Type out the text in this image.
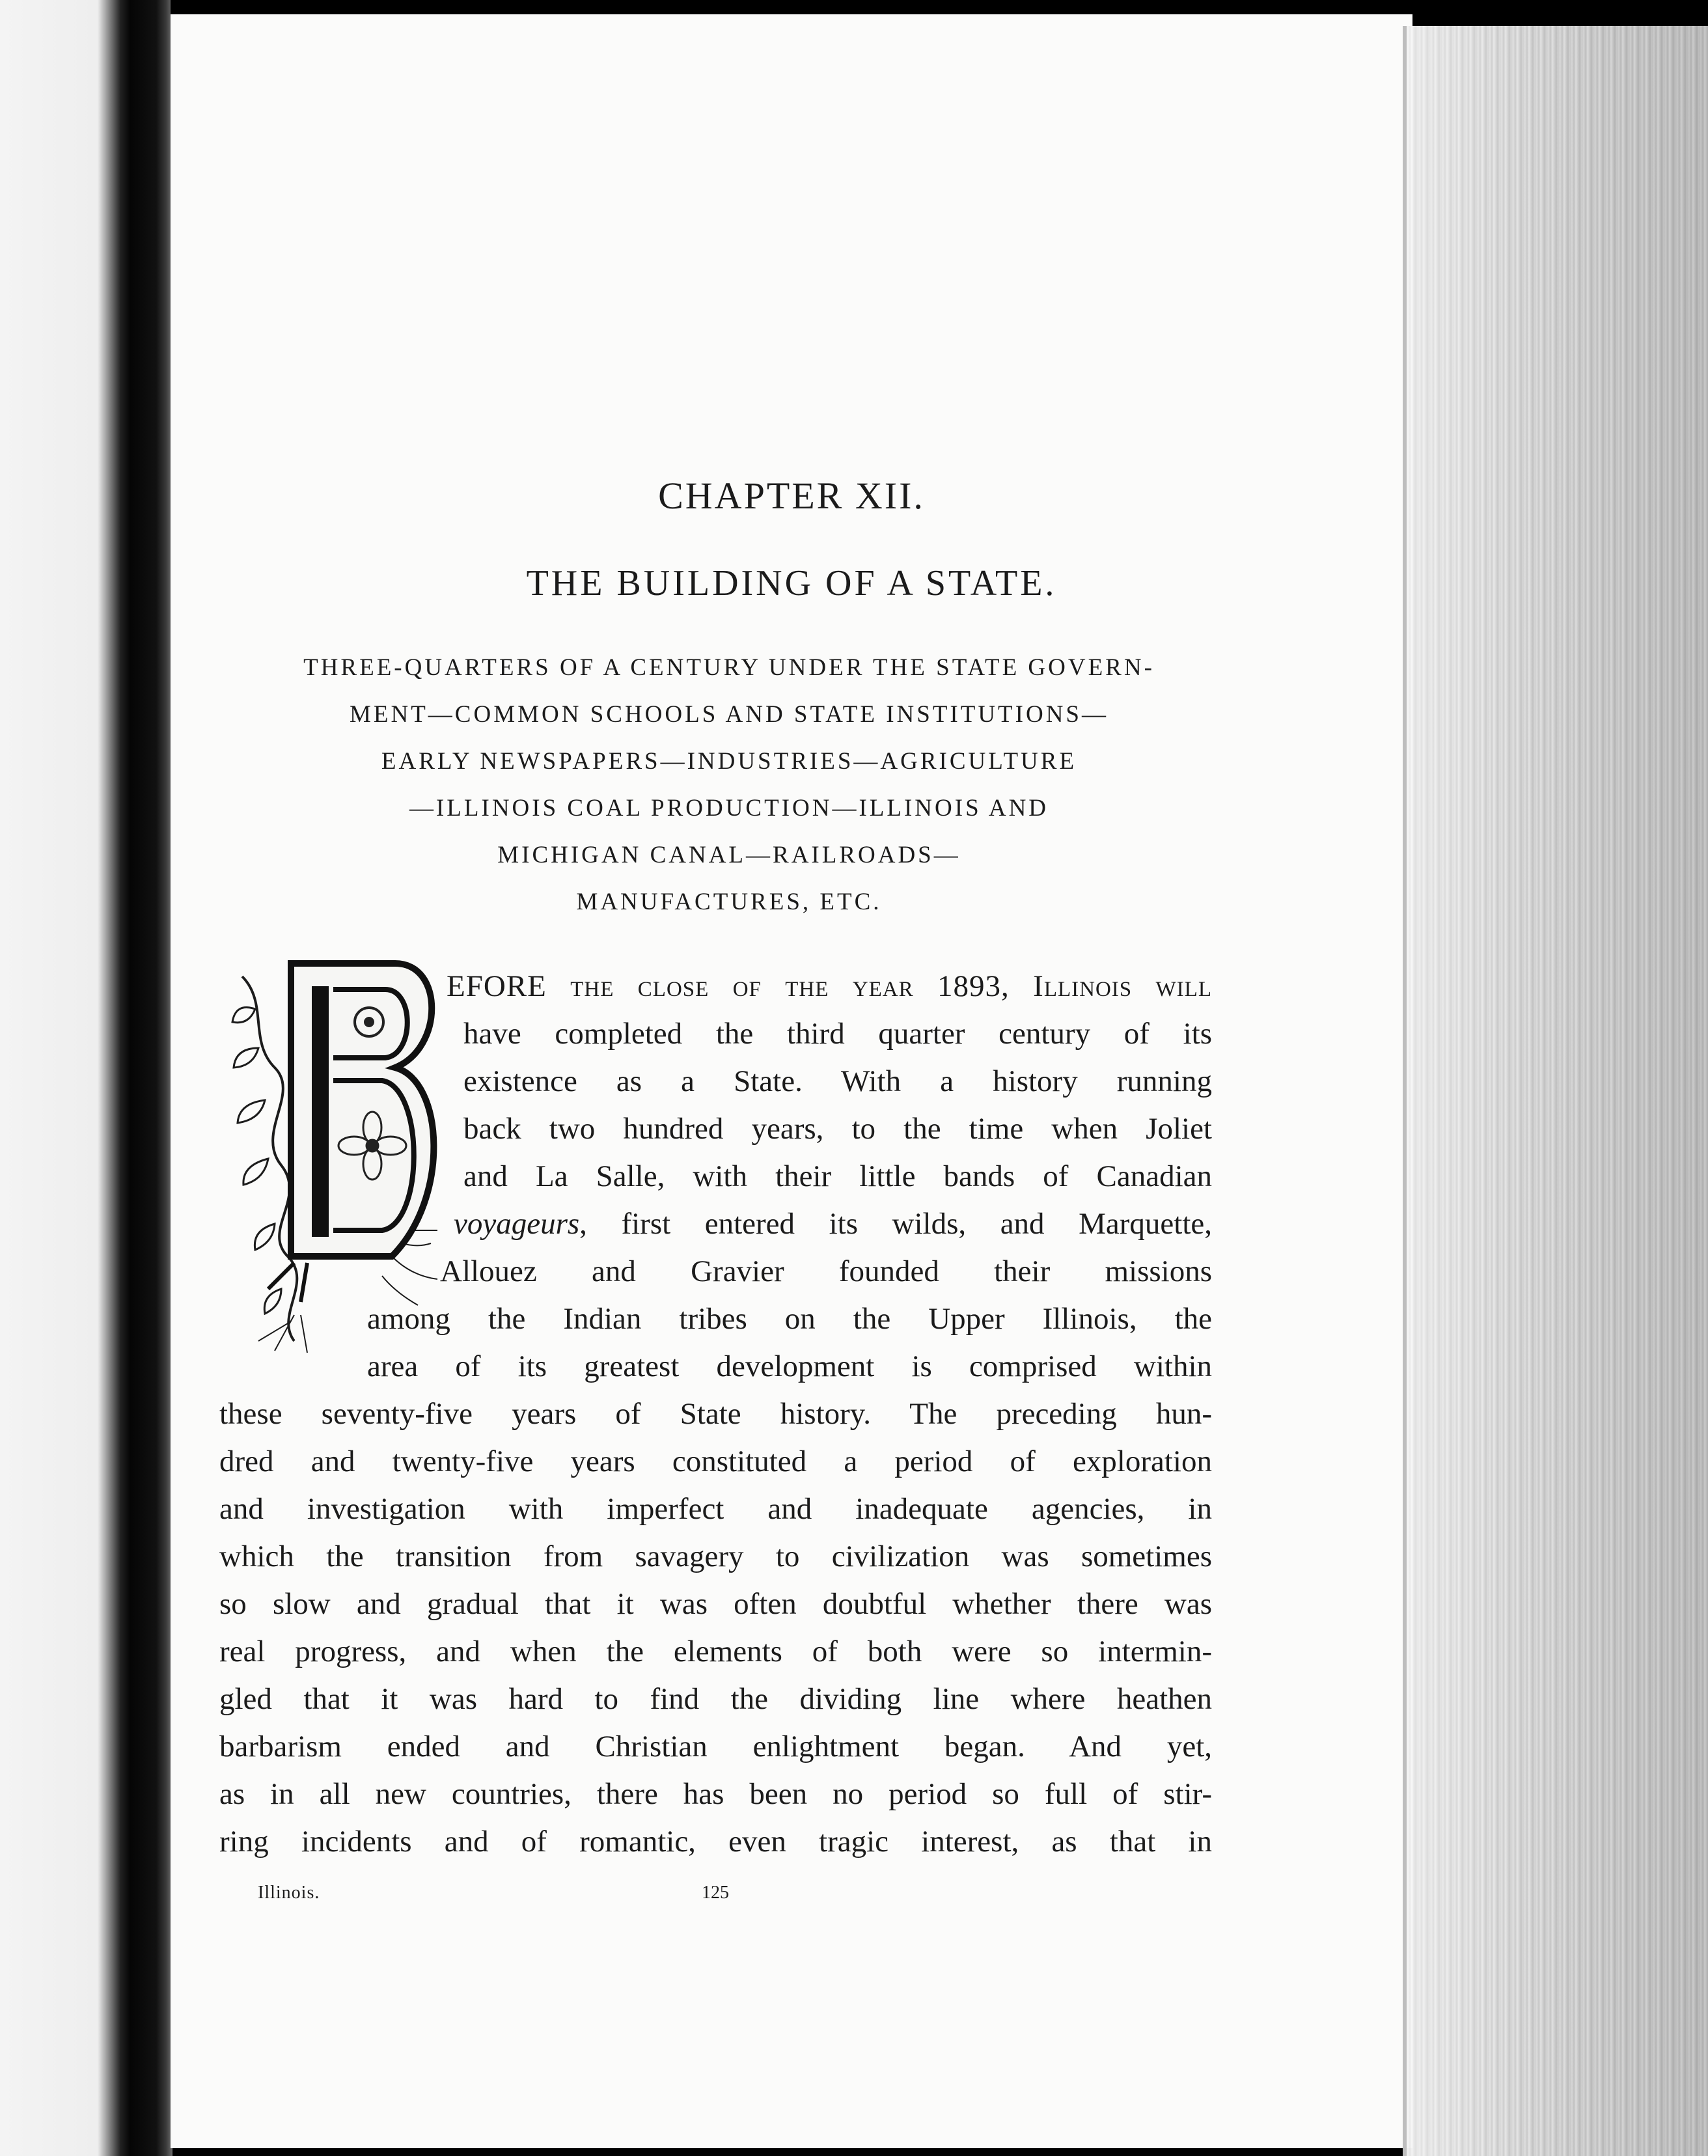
CHAPTER XII.
THE BUILDING OF A STATE.
THREE-QUARTERS OF A CENTURY UNDER THE STATE GOVERN-
MENT—COMMON SCHOOLS AND STATE INSTITUTIONS—
EARLY NEWSPAPERS—INDUSTRIES—AGRICULTURE
—ILLINOIS COAL PRODUCTION—ILLINOIS AND
MICHIGAN CANAL—RAILROADS—
MANUFACTURES, ETC.
EFORE the close of the year 1893, Illinois will
have completed the third quarter century of its
existence as a State. With a history running
back two hundred years, to the time when Joliet
and La Salle, with their little bands of Canadian
voyageurs, first entered its wilds, and Marquette,
Allouez and Gravier founded their missions
among the Indian tribes on the Upper Illinois, the
area of its greatest development is comprised within
these seventy-five years of State history. The preceding hun-
dred and twenty-five years constituted a period of exploration
and investigation with imperfect and inadequate agencies, in
which the transition from savagery to civilization was sometimes
so slow and gradual that it was often doubtful whether there was
real progress, and when the elements of both were so intermin-
gled that it was hard to find the dividing line where heathen
barbarism ended and Christian enlightment began. And yet,
as in all new countries, there has been no period so full of stir-
ring incidents and of romantic, even tragic interest, as that in
Illinois.	125
